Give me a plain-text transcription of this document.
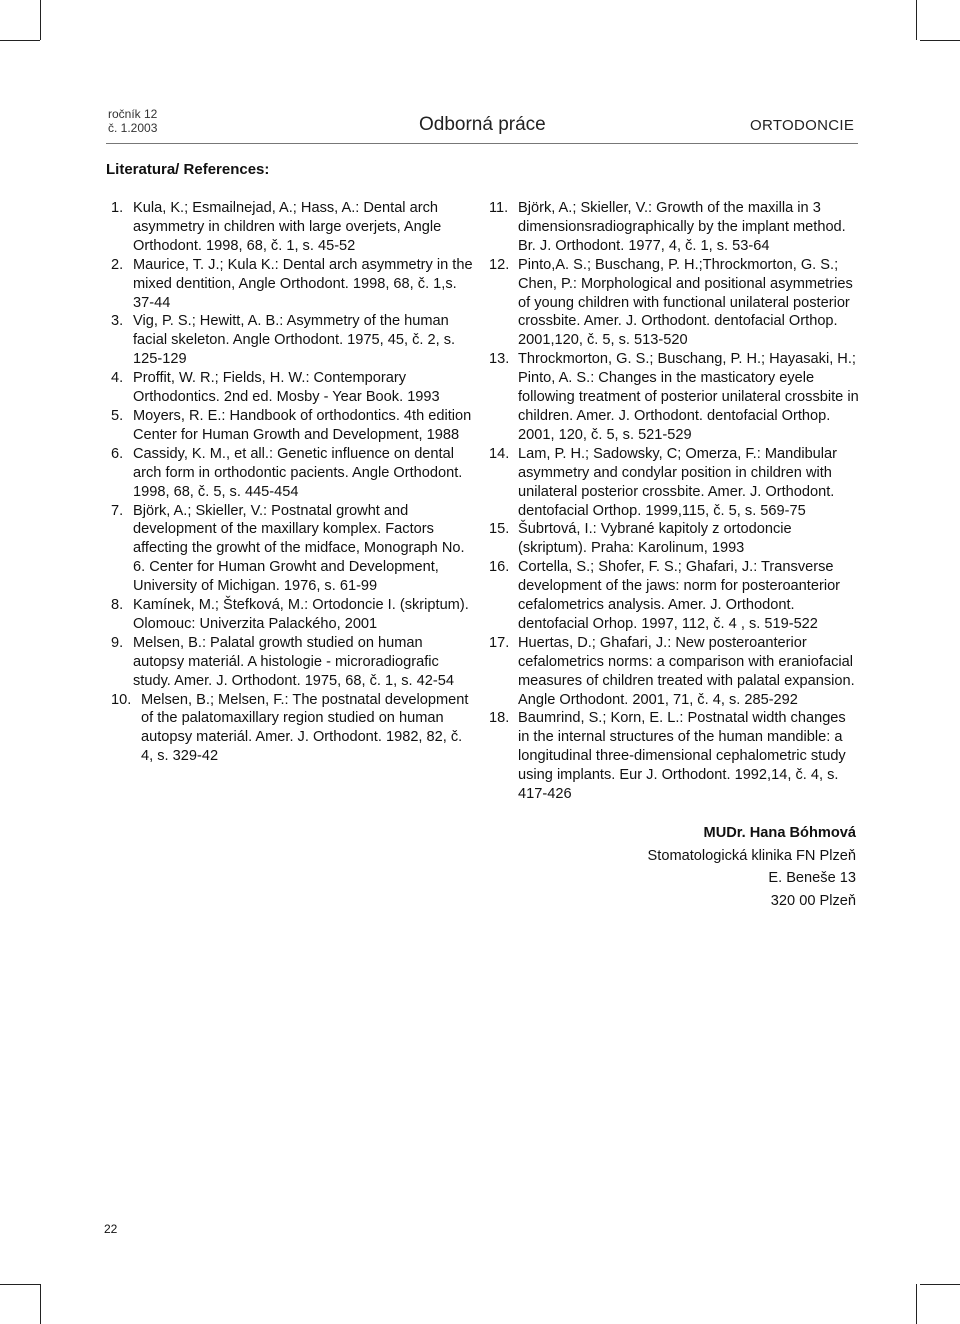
ročník 12
č. 1.2003	Odborná práce	ORTODONCIE
Literatura/ References:
1. Kula, K.; Esmailnejad, A.; Hass, A.: Dental arch asymmetry in children with large overjets, Angle Orthodont. 1998, 68, č. 1, s. 45-52
2. Maurice, T. J.; Kula K.: Dental arch asymmetry in the mixed dentition, Angle Orthodont. 1998, 68, č. 1,s. 37-44
3. Vig, P. S.; Hewitt, A. B.: Asymmetry of the human facial skeleton. Angle Orthodont. 1975, 45, č. 2, s. 125-129
4. Proffit, W. R.; Fields, H. W.: Contemporary Orthodontics. 2nd ed. Mosby - Year Book. 1993
5. Moyers, R. E.: Handbook of orthodontics. 4th edition Center for Human Growth and Development, 1988
6. Cassidy, K. M., et all.: Genetic influence on dental arch form in orthodontic pacients. Angle Orthodont. 1998, 68, č. 5, s. 445-454
7. Björk, A.; Skieller, V.: Postnatal growht and development of the maxillary komplex. Factors affecting the growht of the midface, Monograph No. 6. Center for Human Growht and Development, University of Michigan. 1976, s. 61-99
8. Kamínek, M.; Štefková, M.: Ortodoncie I. (skriptum). Olomouc: Univerzita Palackého, 2001
9. Melsen, B.: Palatal growth studied on human autopsy materiál. A histologie - microradiografic study. Amer. J. Orthodont. 1975, 68, č. 1, s. 42-54
10. Melsen, B.; Melsen, F.: The postnatal development of the palatomaxillary region studied on human autopsy materiál. Amer. J. Orthodont. 1982, 82, č. 4, s. 329-42
11. Björk, A.; Skieller, V.: Growth of the maxilla in 3 dimensionsradiographically by the implant method. Br. J. Orthodont. 1977, 4, č. 1, s. 53-64
12. Pinto,A. S.; Buschang, P. H.;Throckmorton, G. S.; Chen, P.: Morphological and positional asymmetries of young children with functional unilateral posterior crossbite. Amer. J. Orthodont. dentofacial Orthop. 2001,120, č. 5, s. 513-520
13. Throckmorton, G. S.; Buschang, P. H.; Hayasaki, H.; Pinto, A. S.: Changes in the masticatory eyele following treatment of posterior unilateral crossbite in children. Amer. J. Orthodont. dentofacial Orthop. 2001, 120, č. 5, s. 521-529
14. Lam, P. H.; Sadowsky, C; Omerza, F.: Mandibular asymmetry and condylar position in children with unilateral posterior crossbite. Amer. J. Orthodont. dentofacial Orthop. 1999,115, č. 5, s. 569-75
15. Šubrtová, I.: Vybrané kapitoly z ortodoncie (skriptum). Praha: Karolinum, 1993
16. Cortella, S.; Shofer, F. S.; Ghafari, J.: Transverse development of the jaws: norm for posteroanterior cefalometrics analysis. Amer. J. Orthodont. dentofacial Orhop. 1997, 112, č. 4 , s. 519-522
17. Huertas, D.; Ghafari, J.: New posteroanterior cefalometrics norms: a comparison with eraniofacial measures of children treated with palatal expansion. Angle Orthodont. 2001, 71, č. 4, s. 285-292
18. Baumrind, S.; Korn, E. L.: Postnatal width changes in the internal structures of the human mandible: a longitudinal three-dimensional cephalometric study using implants. Eur J. Orthodont. 1992,14, č. 4, s. 417-426
MUDr. Hana Bóhmová
Stomatologická klinika FN Plzeň
E. Beneše 13
320 00 Plzeň
22
